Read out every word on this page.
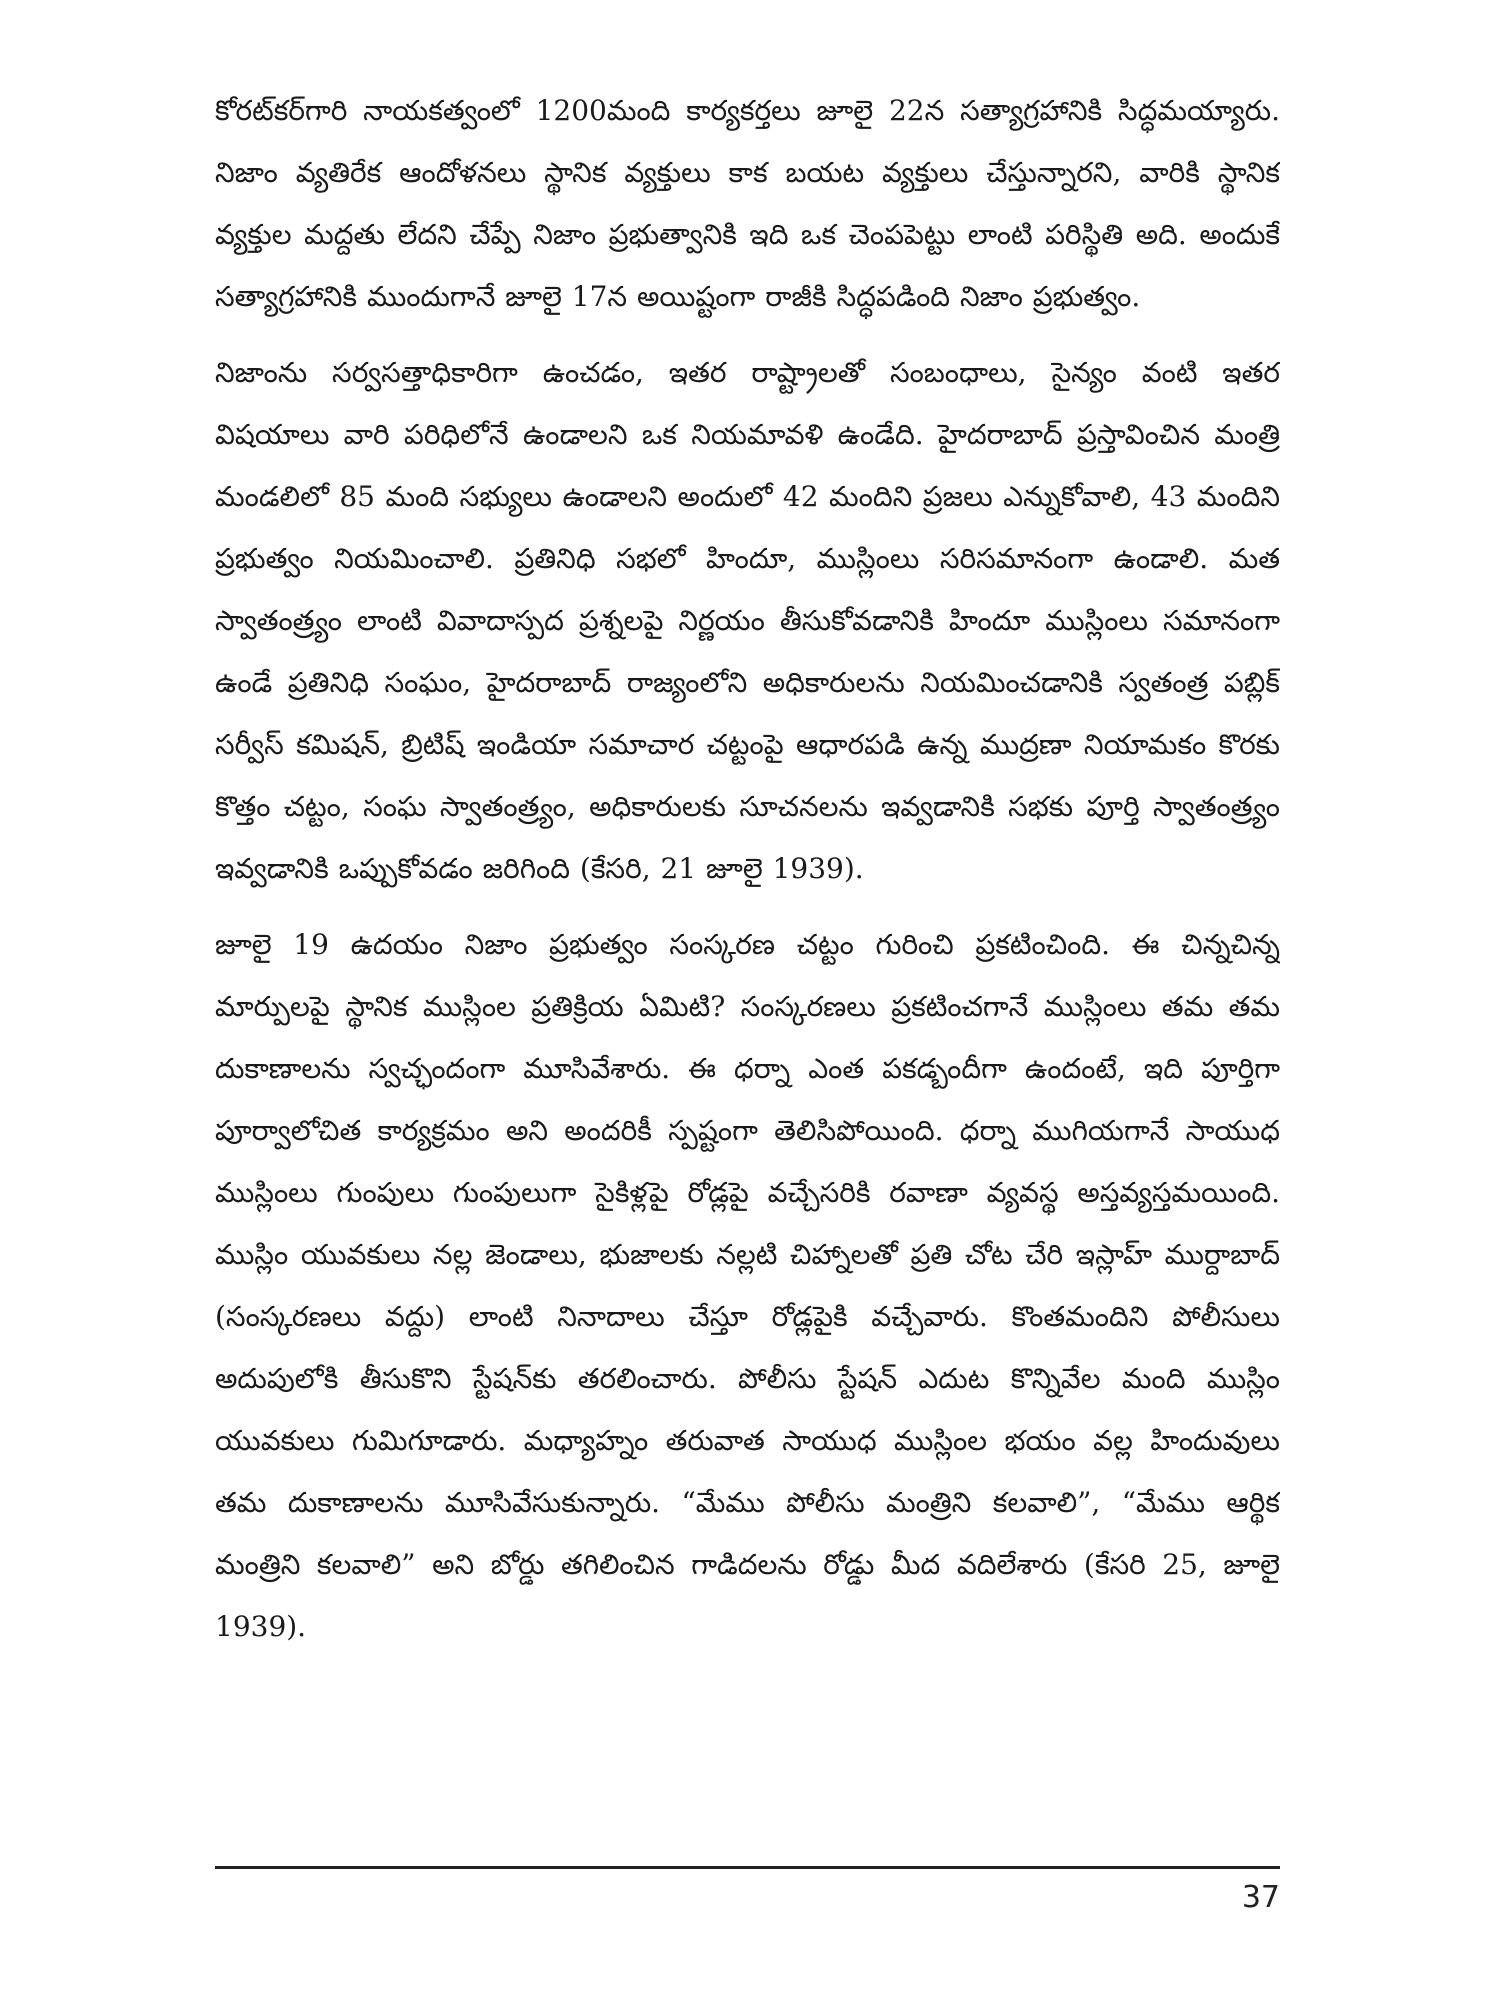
కోరట్‌కర్‌గారి నాయకత్వంలో 1200మంది కార్యకర్తలు జూలై 22న సత్యాగ్రహానికి సిద్ధమయ్యారు. నిజాం వ్యతిరేక ఆందోళనలు స్థానిక వ్యక్తులు కాక బయట వ్యక్తులు చేస్తున్నారని, వారికి స్థానిక వ్యక్తుల మద్దతు లేదని చేప్పే నిజాం ప్రభుత్వానికి ఇది ఒక చెంపపెట్టు లాంటి పరిస్థితి అది. అందుకే సత్యాగ్రహానికి ముందుగానే జూలై 17న అయిష్టంగా రాజీకి సిద్ధపడింది నిజాం ప్రభుత్వం.

నిజాంను సర్వసత్తాధికారిగా ఉంచడం, ఇతర రాష్ట్రాలతో సంబంధాలు, సైన్యం వంటి ఇతర విషయాలు వారి పరిధిలోనే ఉండాలని ఒక నియమావళి ఉండేది. హైదరాబాద్ ప్రస్తావించిన మంత్రి మండలిలో 85 మంది సభ్యులు ఉండాలని అందులో 42 మందిని ప్రజలు ఎన్నుకోవాలి, 43 మందిని ప్రభుత్వం నియమించాలి. ప్రతినిధి సభలో హిందూ, ముస్లింలు సరిసమానంగా ఉండాలి. మత స్వాతంత్ర్యం లాంటి వివాదాస్పద ప్రశ్నలపై నిర్ణయం తీసుకోవడానికి హిందూ ముస్లింలు సమానంగా ఉండే ప్రతినిధి సంఘం, హైదరాబాద్ రాజ్యంలోని అధికారులను నియమించడానికి స్వతంత్ర పబ్లిక్ సర్వీస్ కమిషన్, బ్రిటిష్ ఇండియా సమాచార చట్టంపై ఆధారపడి ఉన్న ముద్రణా నియామకం కొరకు కొత్తం చట్టం, సంఘ స్వాతంత్ర్యం, అధికారులకు సూచనలను ఇవ్వడానికి సభకు పూర్తి స్వాతంత్ర్యం ఇవ్వడానికి ఒప్పుకోవడం జరిగింది (కేసరి, 21 జూలై 1939).

జూలై 19 ఉదయం నిజాం ప్రభుత్వం సంస్కరణ చట్టం గురించి ప్రకటించింది. ఈ చిన్నచిన్న మార్పులపై స్థానిక ముస్లింల ప్రతిక్రియ ఏమిటి? సంస్కరణలు ప్రకటించగానే ముస్లింలు తమ తమ దుకాణాలను స్వచ్ఛందంగా మూసివేశారు. ఈ ధర్నా ఎంత పకడ్బందీగా ఉందంటే, ఇది పూర్తిగా పూర్వాలోచిత కార్యక్రమం అని అందరికీ స్పష్టంగా తెలిసిపోయింది. ధర్నా ముగియగానే సాయుధ ముస్లింలు గుంపులు గుంపులుగా సైకిళ్లపై రోడ్లపై వచ్చేసరికి రవాణా వ్యవస్థ అస్తవ్యస్తమయింది. ముస్లిం యువకులు నల్ల జెండాలు, భుజాలకు నల్లటి చిహ్నాలతో ప్రతి చోట చేరి ఇస్లాహ్ ముర్దాబాద్ (సంస్కరణలు వద్దు) లాంటి నినాదాలు చేస్తూ రోడ్లపైకి వచ్చేవారు. కొంతమందిని పోలీసులు అదుపులోకి తీసుకొని స్టేషన్‌కు తరలించారు. పోలీసు స్టేషన్ ఎదుట కొన్నివేల మంది ముస్లిం యువకులు గుమిగూడారు. మధ్యాహ్నం తరువాత సాయుధ ముస్లింల భయం వల్ల హిందువులు తమ దుకాణాలను మూసివేసుకున్నారు. “మేము పోలీసు మంత్రిని కలవాలి”, “మేము ఆర్థిక మంత్రిని కలవాలి” అని బోర్డు తగిలించిన గాడిదలను రోడ్డు మీద వదిలేశారు (కేసరి 25, జూలై 1939).

37
